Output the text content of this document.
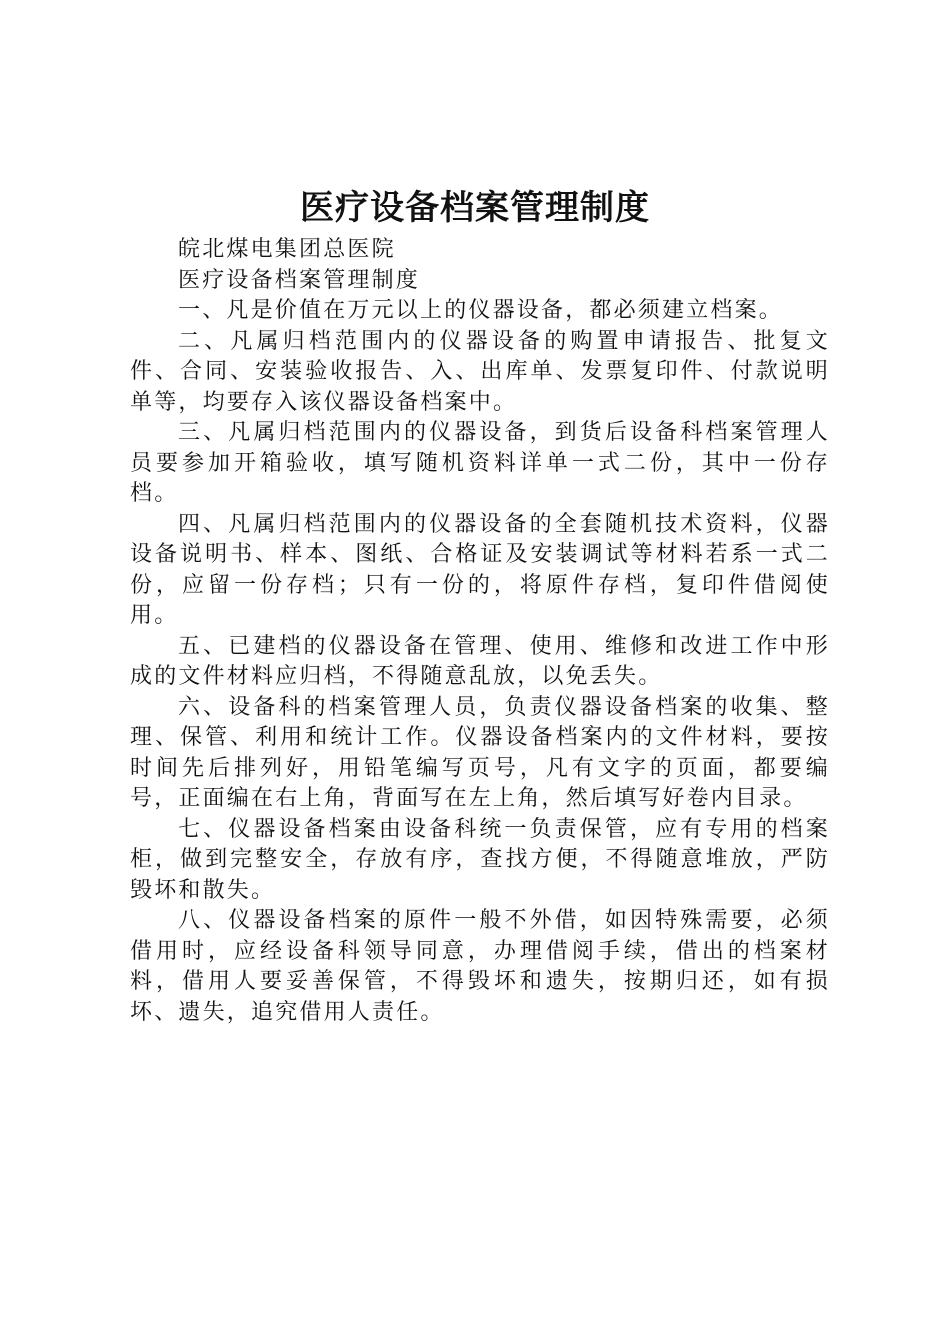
医疗设备档案管理制度

皖北煤电集团总医院

医疗设备档案管理制度

一、凡是价值在万元以上的仪器设备，都必须建立档案。

二、凡属归档范围内的仪器设备的购置申请报告、批复文件、合同、安装验收报告、入、出库单、发票复印件、付款说明单等，均要存入该仪器设备档案中。

三、凡属归档范围内的仪器设备，到货后设备科档案管理人员要参加开箱验收，填写随机资料详单一式二份，其中一份存档。

四、凡属归档范围内的仪器设备的全套随机技术资料，仪器设备说明书、样本、图纸、合格证及安装调试等材料若系一式二份，应留一份存档；只有一份的，将原件存档，复印件借阅使用。

五、已建档的仪器设备在管理、使用、维修和改进工作中形成的文件材料应归档，不得随意乱放，以免丢失。

六、设备科的档案管理人员，负责仪器设备档案的收集、整理、保管、利用和统计工作。仪器设备档案内的文件材料，要按时间先后排列好，用铅笔编写页号，凡有文字的页面，都要编号，正面编在右上角，背面写在左上角，然后填写好卷内目录。

七、仪器设备档案由设备科统一负责保管，应有专用的档案柜，做到完整安全，存放有序，查找方便，不得随意堆放，严防毁坏和散失。

八、仪器设备档案的原件一般不外借，如因特殊需要，必须借用时，应经设备科领导同意，办理借阅手续，借出的档案材料，借用人要妥善保管，不得毁坏和遗失，按期归还，如有损坏、遗失，追究借用人责任。
